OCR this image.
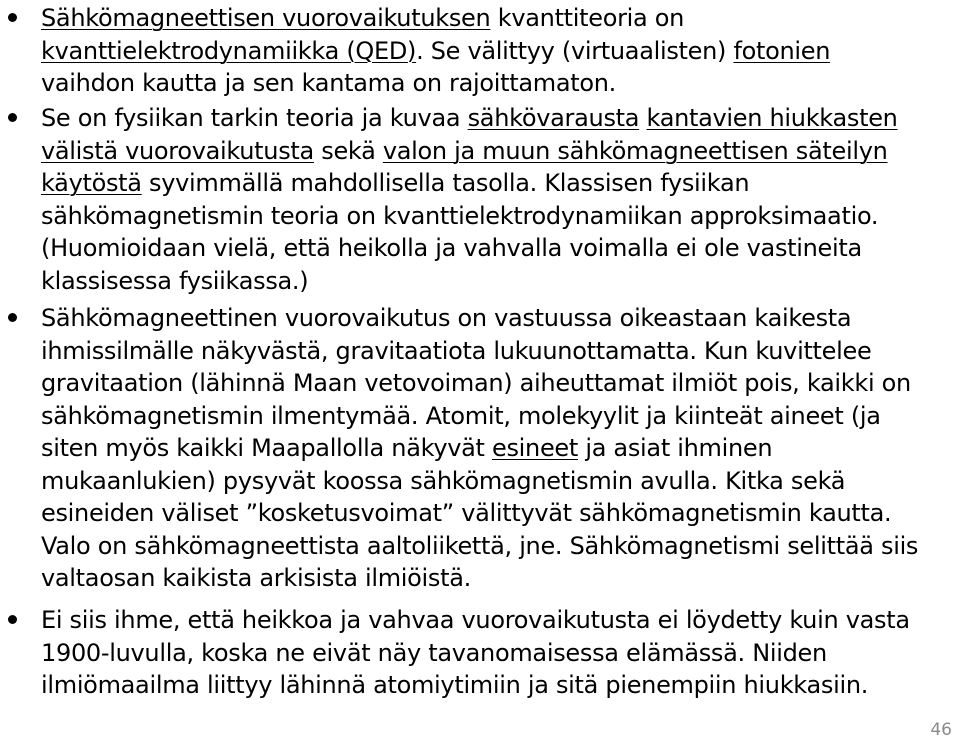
Sähkömagneettisen vuorovaikutuksen kvanttiteoria on
kvanttielektrodynamiikka (QED). Se välittyy (virtuaalisten) fotonien
vaihdon kautta ja sen kantama on rajoittamaton.
Se on fysiikan tarkin teoria ja kuvaa sähkövarausta kantavien hiukkasten
välistä vuorovaikutusta sekä valon ja muun sähkömagneettisen säteilyn
käytöstä syvimmällä mahdollisella tasolla. Klassisen fysiikan
sähkömagnetismin teoria on kvanttielektrodynamiikan approksimaatio.
(Huomioidaan vielä, että heikolla ja vahvalla voimalla ei ole vastineita
klassisessa fysiikassa.)
Sähkömagneettinen vuorovaikutus on vastuussa oikeastaan kaikesta
ihmissilmälle näkyvästä, gravitaatiota lukuunottamatta. Kun kuvittelee
gravitaation (lähinnä Maan vetovoiman) aiheuttamat ilmiöt pois, kaikki on
sähkömagnetismin ilmentymää. Atomit, molekyylit ja kiinteät aineet (ja
siten myös kaikki Maapallolla näkyvät esineet ja asiat ihminen
mukaanlukien) pysyvät koossa sähkömagnetismin avulla. Kitka sekä
esineiden väliset ”kosketusvoimat” välittyvät sähkömagnetismin kautta.
Valo on sähkömagneettista aaltoliikettä, jne. Sähkömagnetismi selittää siis
valtaosan kaikista arkisista ilmiöistä.
Ei siis ihme, että heikkoa ja vahvaa vuorovaikutusta ei löydetty kuin vasta
1900-luvulla, koska ne eivät näy tavanomaisessa elämässä. Niiden
ilmiömaailma liittyy lähinnä atomiytimiin ja sitä pienempiin hiukkasiin.
46
